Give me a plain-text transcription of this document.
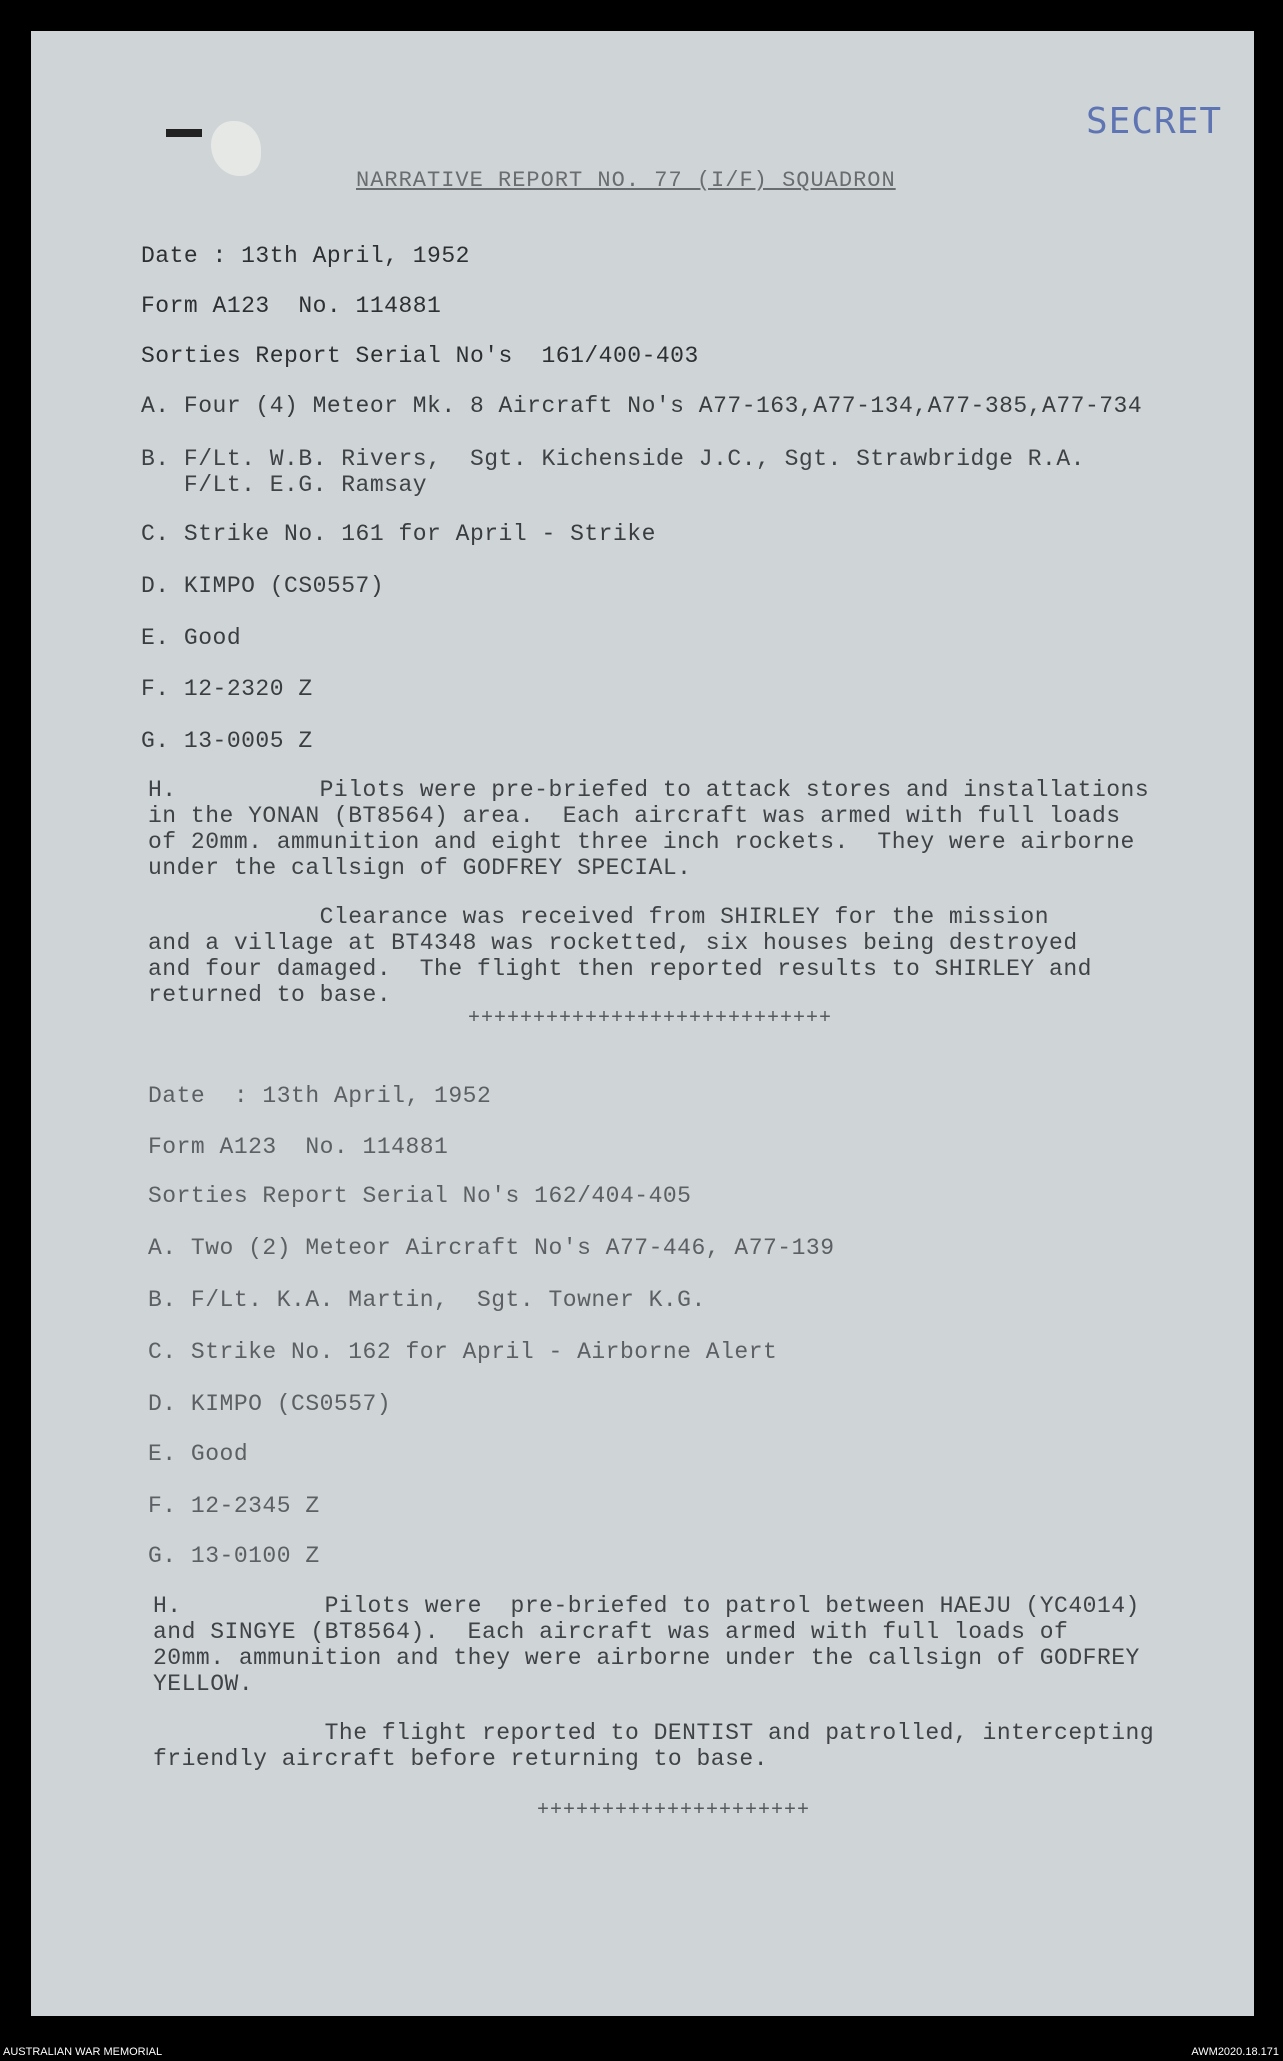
SECRET
NARRATIVE REPORT NO. 77 (I/F) SQUADRON
Date : 13th April, 1952
Form A123  No. 114881
Sorties Report Serial No's  161/400-403
A. Four (4) Meteor Mk. 8 Aircraft No's A77-163,A77-134,A77-385,A77-734
B. F/Lt. W.B. Rivers,  Sgt. Kichenside J.C., Sgt. Strawbridge R.A.
F/Lt. E.G. Ramsay
C. Strike No. 161 for April - Strike
D. KIMPO (CS0557)
E. Good
F. 12-2320 Z
G. 13-0005 Z
H.          Pilots were pre-briefed to attack stores and installations
in the YONAN (BT8564) area.  Each aircraft was armed with full loads
of 20mm. ammunition and eight three inch rockets.  They were airborne
under the callsign of GODFREY SPECIAL.
Clearance was received from SHIRLEY for the mission
and a village at BT4348 was rocketted, six houses being destroyed
and four damaged.  The flight then reported results to SHIRLEY and
returned to base.
++++++++++++++++++++++++++++
Date  : 13th April, 1952
Form A123  No. 114881
Sorties Report Serial No's 162/404-405
A. Two (2) Meteor Aircraft No's A77-446, A77-139
B. F/Lt. K.A. Martin,  Sgt. Towner K.G.
C. Strike No. 162 for April - Airborne Alert
D. KIMPO (CS0557)
E. Good
F. 12-2345 Z
G. 13-0100 Z
H.          Pilots were  pre-briefed to patrol between HAEJU (YC4014)
and SINGYE (BT8564).  Each aircraft was armed with full loads of
20mm. ammunition and they were airborne under the callsign of GODFREY
YELLOW.
The flight reported to DENTIST and patrolled, intercepting
friendly aircraft before returning to base.
+++++++++++++++++++++
AUSTRALIAN WAR MEMORIAL	AWM2020.18.171
